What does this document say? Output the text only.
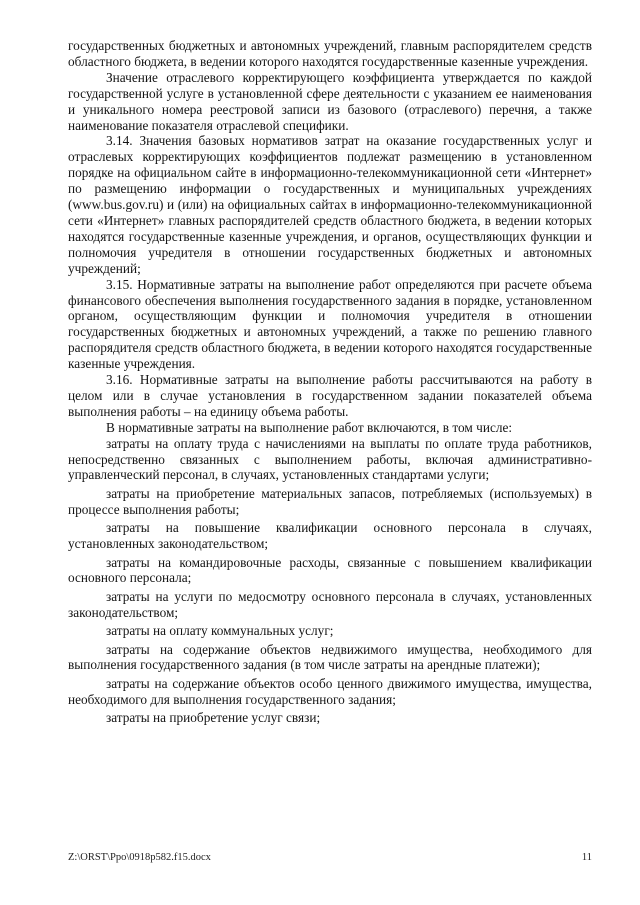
государственных бюджетных и автономных учреждений, главным распорядителем средств областного бюджета, в ведении которого находятся государственные казенные учреждения.

Значение отраслевого корректирующего коэффициента утверждается по каждой государственной услуге в установленной сфере деятельности с указанием ее наименования и уникального номера реестровой записи из базового (отраслевого) перечня, а также наименование показателя отраслевой специфики.

3.14. Значения базовых нормативов затрат на оказание государственных услуг и отраслевых корректирующих коэффициентов подлежат размещению в установленном порядке на официальном сайте в информационно-телекоммуникационной сети «Интернет» по размещению информации о государственных и муниципальных учреждениях (www.bus.gov.ru) и (или) на официальных сайтах в информационно-телекоммуникационной сети «Интернет» главных распорядителей средств областного бюджета, в ведении которых находятся государственные казенные учреждения, и органов, осуществляющих функции и полномочия учредителя в отношении государственных бюджетных и автономных учреждений;

3.15. Нормативные затраты на выполнение работ определяются при расчете объема финансового обеспечения выполнения государственного задания в порядке, установленном органом, осуществляющим функции и полномочия учредителя в отношении государственных бюджетных и автономных учреждений, а также по решению главного распорядителя средств областного бюджета, в ведении которого находятся государственные казенные учреждения.

3.16. Нормативные затраты на выполнение работы рассчитываются на работу в целом или в случае установления в государственном задании показателей объема выполнения работы – на единицу объема работы.

В нормативные затраты на выполнение работ включаются, в том числе:

затраты на оплату труда с начислениями на выплаты по оплате труда работников, непосредственно связанных с выполнением работы, включая административно-управленческий персонал, в случаях, установленных стандартами услуги;

затраты на приобретение материальных запасов, потребляемых (используемых) в процессе выполнения работы;

затраты на повышение квалификации основного персонала в случаях, установленных законодательством;

затраты на командировочные расходы, связанные с повышением квалификации основного персонала;

затраты на услуги по медосмотру основного персонала в случаях, установленных законодательством;

затраты на оплату коммунальных услуг;

затраты на содержание объектов недвижимого имущества, необходимого для выполнения государственного задания (в том числе затраты на арендные платежи);

затраты на содержание объектов особо ценного движимого имущества, имущества, необходимого для выполнения государственного задания;

затраты на приобретение услуг связи;

Z:\ORST\Ppo\0918p582.f15.docx	11
